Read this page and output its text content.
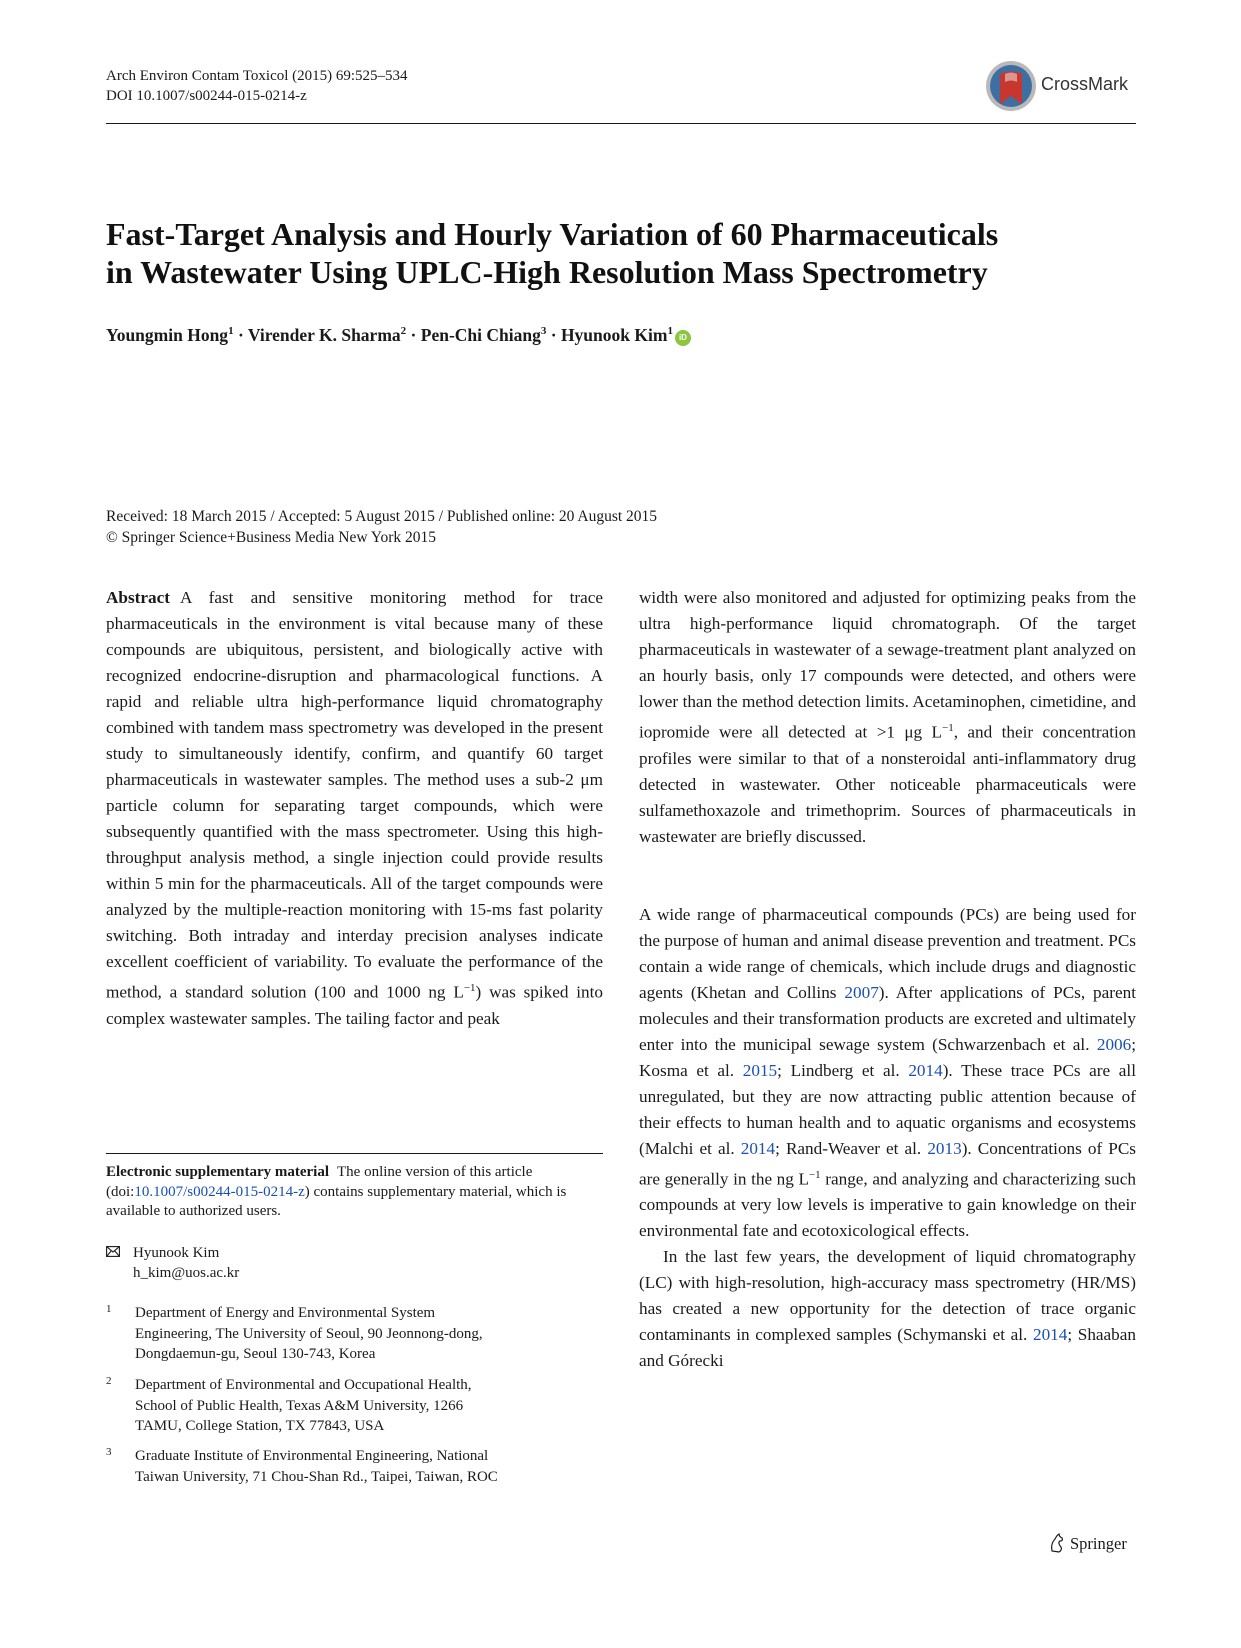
Arch Environ Contam Toxicol (2015) 69:525–534
DOI 10.1007/s00244-015-0214-z
CrossMark
Fast-Target Analysis and Hourly Variation of 60 Pharmaceuticals
in Wastewater Using UPLC-High Resolution Mass Spectrometry
Youngmin Hong$^1$ · Virender K. Sharma$^2$ · Pen-Chi Chiang$^3$ · Hyunook Kim$^1$iD
Received: 18 March 2015 / Accepted: 5 August 2015 / Published online: 20 August 2015
© Springer Science+Business Media New York 2015

Abstract A fast and sensitive monitoring method for trace pharmaceuticals in the environment is vital because many of these compounds are ubiquitous, persistent, and biologically active with recognized endocrine-disruption and pharmacological functions. A rapid and reliable ultra high-performance liquid chromatography combined with tandem mass spectrometry was developed in the present study to simultaneously identify, confirm, and quantify 60 target pharmaceuticals in wastewater samples. The method uses a sub-2 μm particle column for separating target compounds, which were subsequently quantified with the mass spectrometer. Using this high-throughput analysis method, a single injection could provide results within 5 min for the pharmaceuticals. All of the target compounds were analyzed by the multiple-reaction monitoring with 15-ms fast polarity switching. Both intraday and interday precision analyses indicate excellent coefficient of variability. To evaluate the performance of the method, a standard solution (100 and 1000 ng $L^{-1}$) was spiked into complex wastewater samples. The tailing factor and peak

width were also monitored and adjusted for optimizing peaks from the ultra high-performance liquid chromatograph. Of the target pharmaceuticals in wastewater of a sewage-treatment plant analyzed on an hourly basis, only 17 compounds were detected, and others were lower than the method detection limits. Acetaminophen, cimetidine, and iopromide were all detected at >1 μg $L^{-1}$, and their concentration profiles were similar to that of a nonsteroidal anti-inflammatory drug detected in wastewater. Other noticeable pharmaceuticals were sulfamethoxazole and trimethoprim. Sources of pharmaceuticals in wastewater are briefly discussed.

A wide range of pharmaceutical compounds (PCs) are being used for the purpose of human and animal disease prevention and treatment. PCs contain a wide range of chemicals, which include drugs and diagnostic agents (Khetan and Collins 2007). After applications of PCs, parent molecules and their transformation products are excreted and ultimately enter into the municipal sewage system (Schwarzenbach et al. 2006; Kosma et al. 2015; Lindberg et al. 2014). These trace PCs are all unregulated, but they are now attracting public attention because of their effects to human health and to aquatic organisms and ecosystems (Malchi et al. 2014; Rand-Weaver et al. 2013). Concentrations of PCs are generally in the ng $L^{-1}$ range, and analyzing and characterizing such compounds at very low levels is imperative to gain knowledge on their environmental fate and ecotoxicological effects.

In the last few years, the development of liquid chromatography (LC) with high-resolution, high-accuracy mass spectrometry (HR/MS) has created a new opportunity for the detection of trace organic contaminants in complexed samples (Schymanski et al. 2014; Shaaban and Górecki

Electronic supplementary material The online version of this article (doi:10.1007/s00244-015-0214-z) contains supplementary material, which is available to authorized users.
Hyunook Kim
h_kim@uos.ac.kr
1 Department of Energy and Environmental System
Engineering, The University of Seoul, 90 Jeonnong-dong,
Dongdaemun-gu, Seoul 130-743, Korea
2 Department of Environmental and Occupational Health,
School of Public Health, Texas A&M University, 1266
TAMU, College Station, TX 77843, USA
3 Graduate Institute of Environmental Engineering, National
Taiwan University, 71 Chou-Shan Rd., Taipei, Taiwan, ROC
Springer
